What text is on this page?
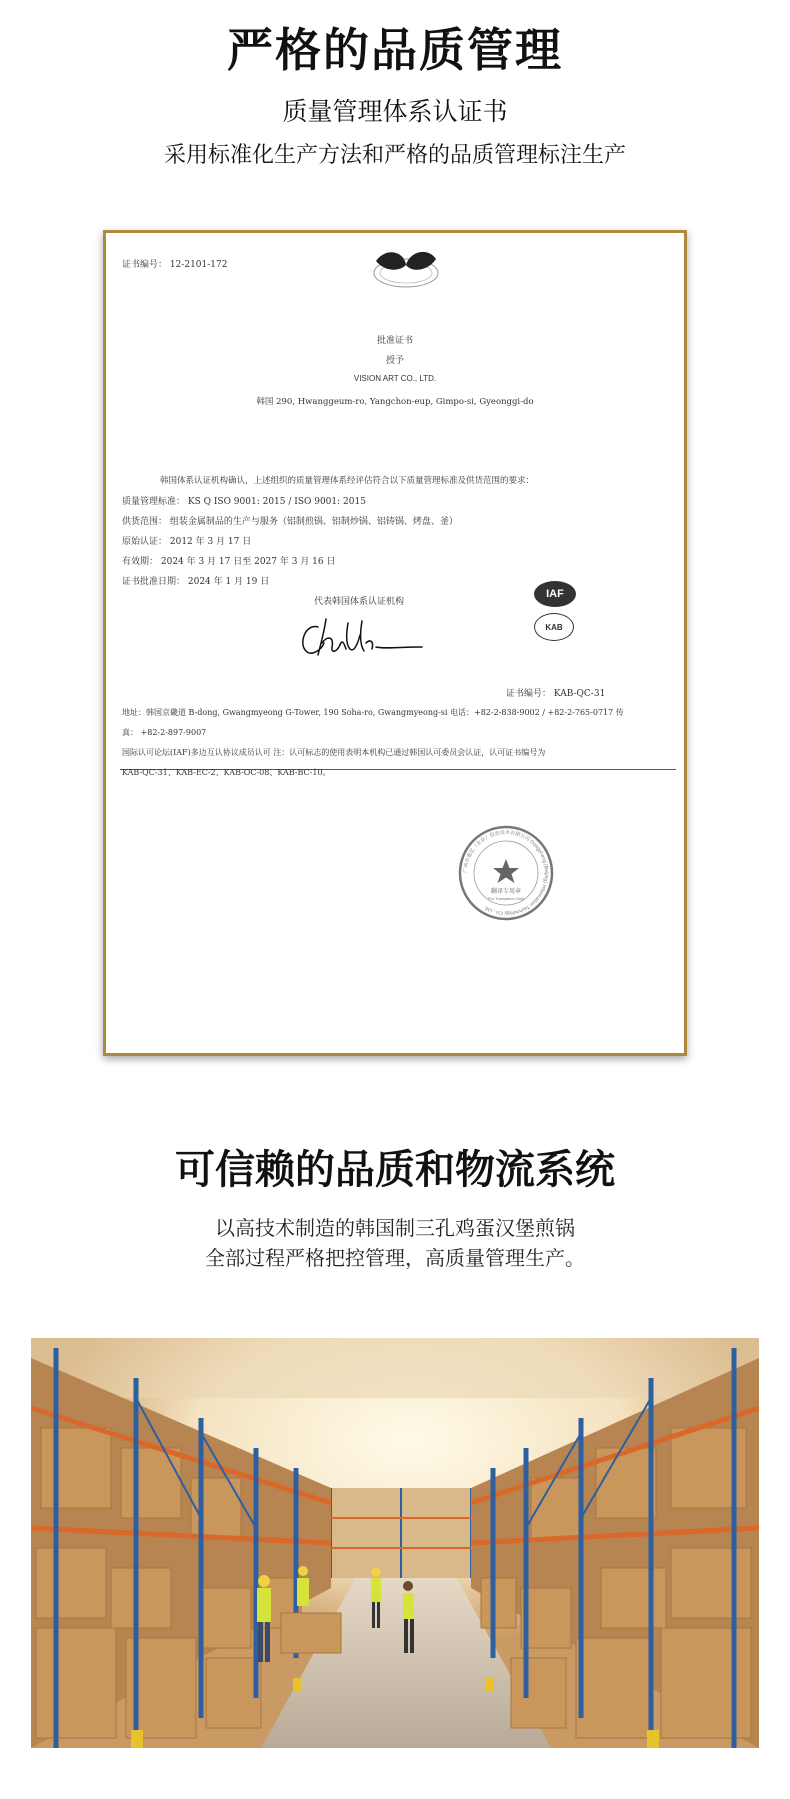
严格的品质管理
质量管理体系认证书
采用标准化生产方法和严格的品质管理标注生产
证书编号： 12-2101-172
批准证书
授予
VISION ART CO., LTD.
韩国 290, Hwanggeum-ro, Yangchon-eup, Gimpo-si, Gyeonggi-do
韩国体系认证机构确认，上述组织的质量管理体系经评估符合以下质量管理标准及供货范围的要求：
质量管理标准： KS Q ISO 9001: 2015 / ISO 9001: 2015
供货范围： 组装金属制品的生产与服务（铝制煎锅、铝制炒锅、铝铸锅、烤盘、釜）
原始认证： 2012 年 3 月 17 日
有效期： 2024 年 3 月 17 日至 2027 年 3 月 16 日
证书批准日期： 2024 年 1 月 19 日
代表韩国体系认证机构
IAF
KAB
证书编号： KAB-QC-31
地址：韩国京畿道 B-dong, Gwangmyeong G-Tower, 190 Soha-ro, Gwangmyeong-si 电话：+82-2-838-9002 / +82-2-765-0717 传
真： +82-2-897-9007
国际认可论坛(IAF)多边互认协议成员认可 注：认可标志的使用表明本机构已通过韩国认可委员会认证，认可证书编号为
KAB-QC-31、KAB-EC-2、KAB-OC-08、KAB-BC-10。
广州市盛亿（北京）信息技术有限公司 Dongsheng (Beijing) Information Technology Co., Ltd.
翻译专用章
For Translation Only
可信赖的品质和物流系统
以高技术制造的韩国制三孔鸡蛋汉堡煎锅
全部过程严格把控管理，高质量管理生产。
